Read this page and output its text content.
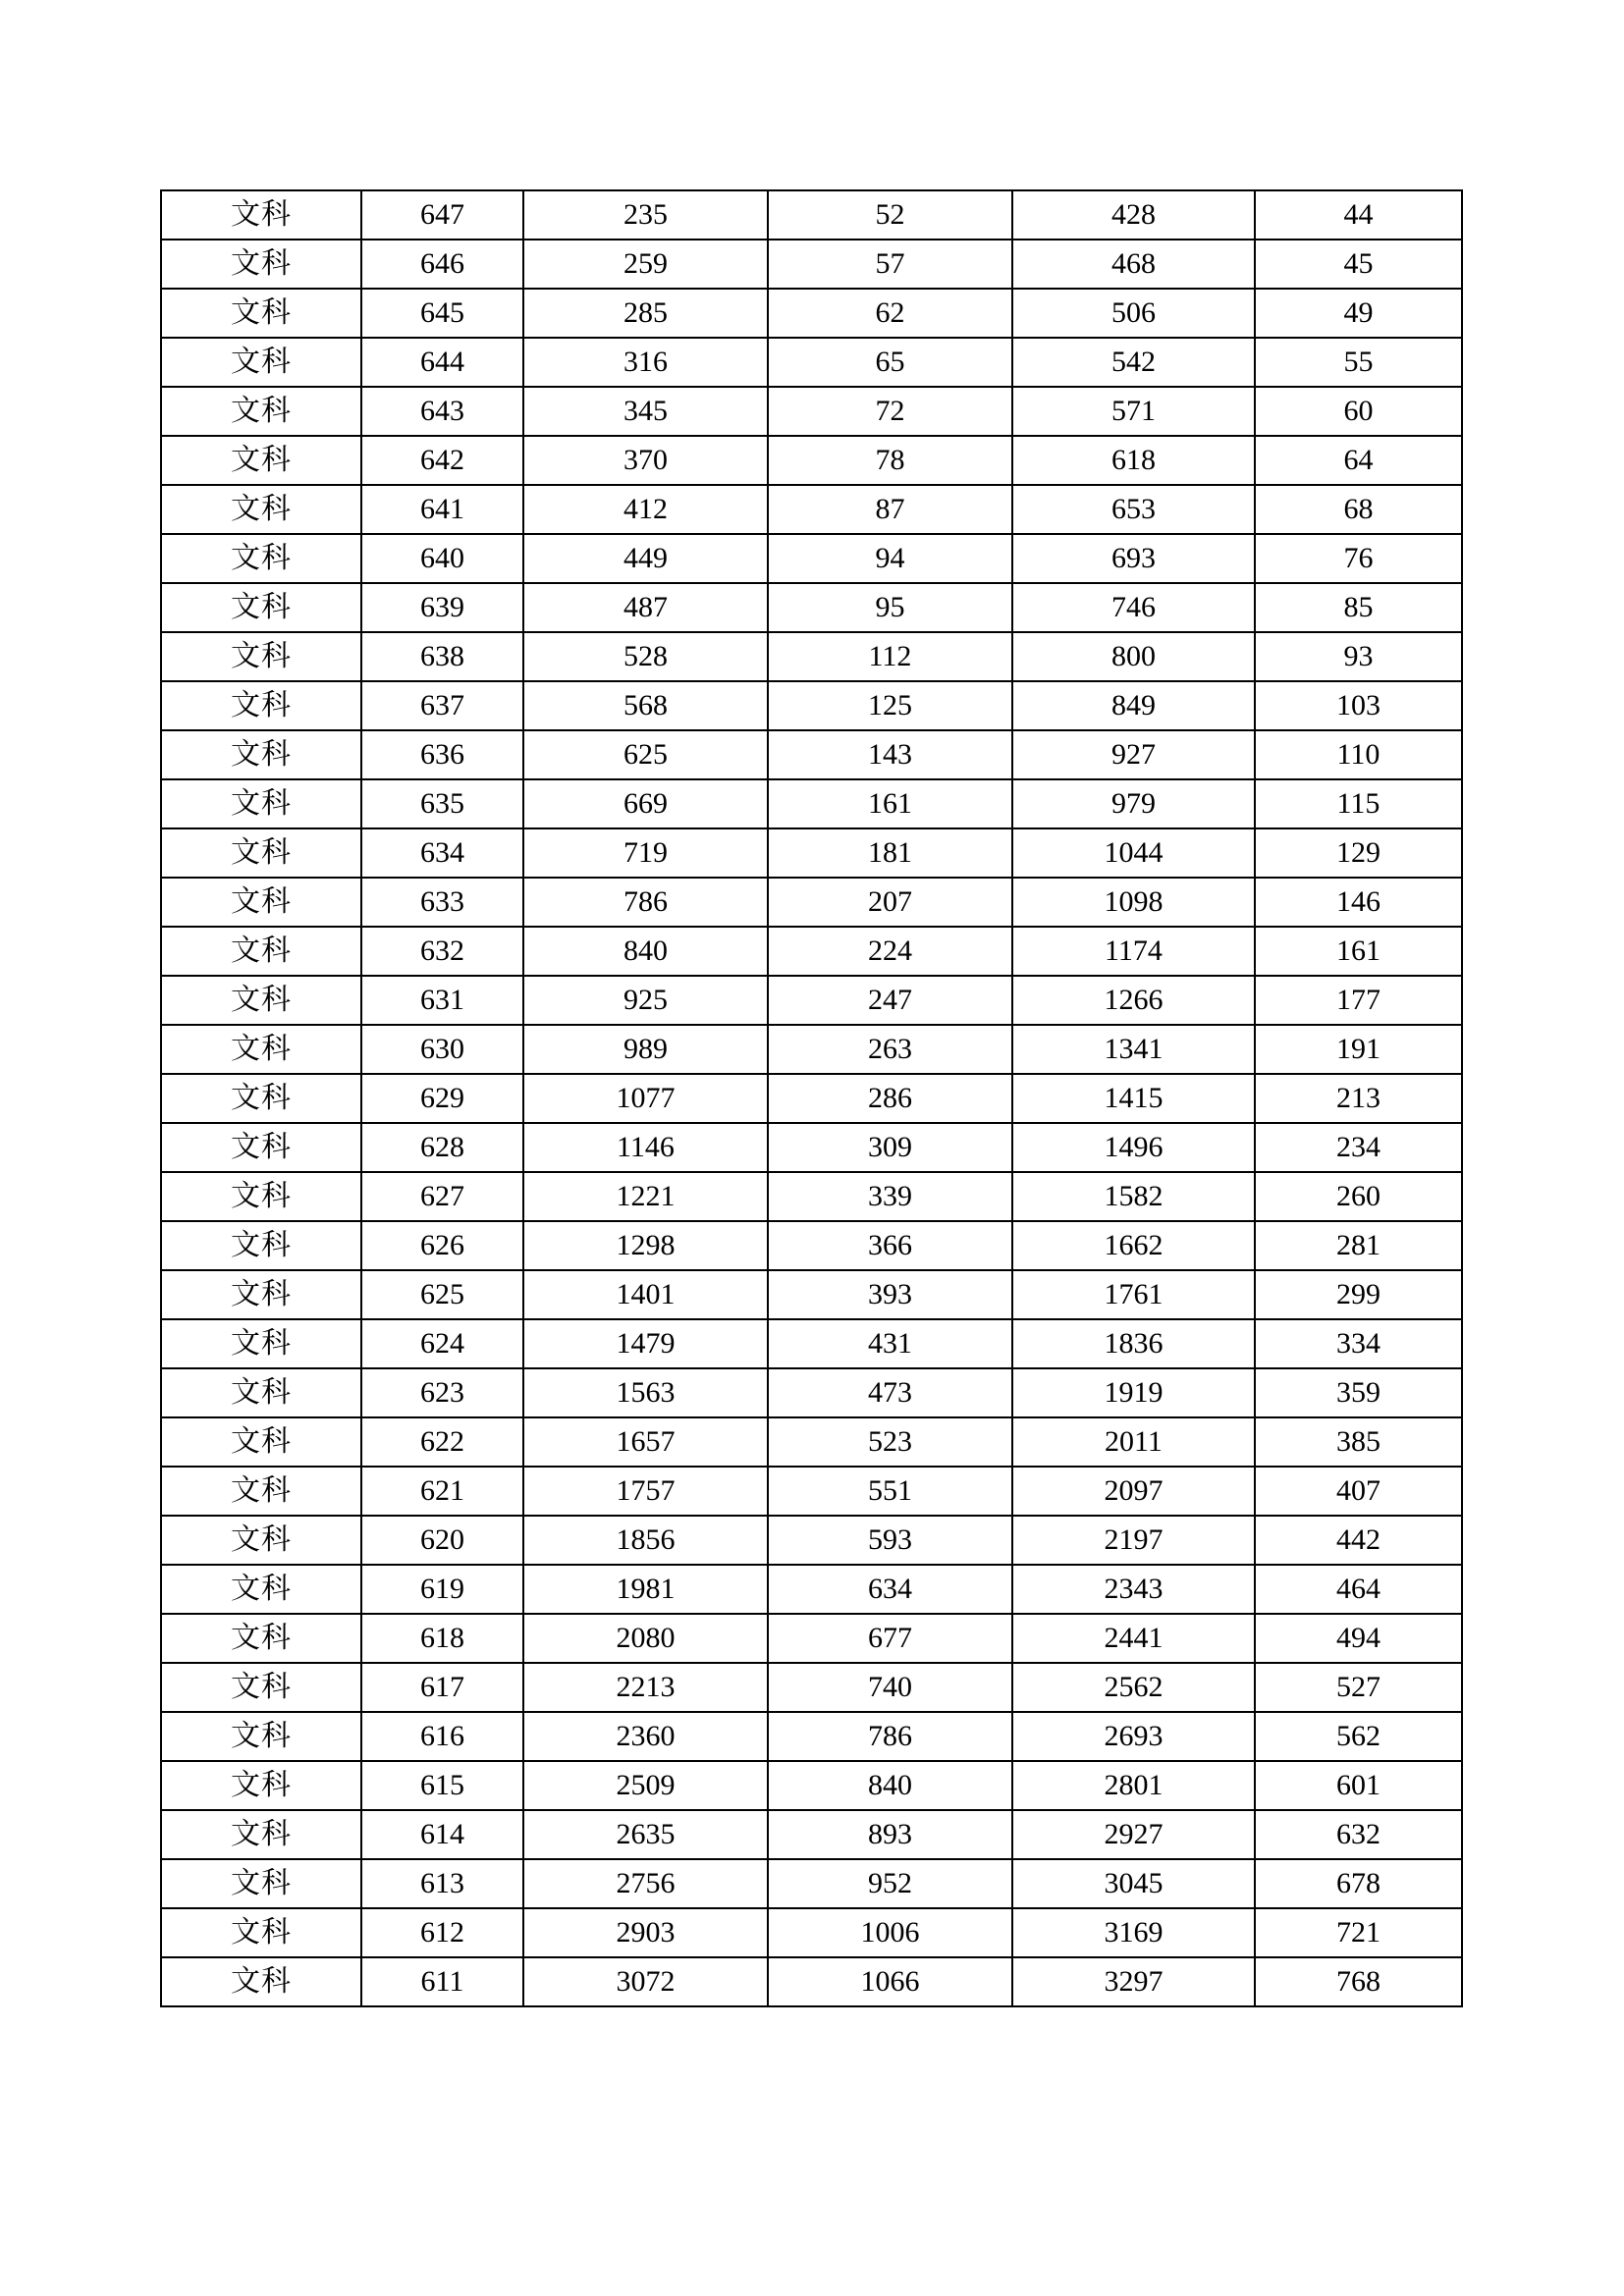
文科	647	235	52	428	44
文科	646	259	57	468	45
文科	645	285	62	506	49
文科	644	316	65	542	55
文科	643	345	72	571	60
文科	642	370	78	618	64
文科	641	412	87	653	68
文科	640	449	94	693	76
文科	639	487	95	746	85
文科	638	528	112	800	93
文科	637	568	125	849	103
文科	636	625	143	927	110
文科	635	669	161	979	115
文科	634	719	181	1044	129
文科	633	786	207	1098	146
文科	632	840	224	1174	161
文科	631	925	247	1266	177
文科	630	989	263	1341	191
文科	629	1077	286	1415	213
文科	628	1146	309	1496	234
文科	627	1221	339	1582	260
文科	626	1298	366	1662	281
文科	625	1401	393	1761	299
文科	624	1479	431	1836	334
文科	623	1563	473	1919	359
文科	622	1657	523	2011	385
文科	621	1757	551	2097	407
文科	620	1856	593	2197	442
文科	619	1981	634	2343	464
文科	618	2080	677	2441	494
文科	617	2213	740	2562	527
文科	616	2360	786	2693	562
文科	615	2509	840	2801	601
文科	614	2635	893	2927	632
文科	613	2756	952	3045	678
文科	612	2903	1006	3169	721
文科	611	3072	1066	3297	768
